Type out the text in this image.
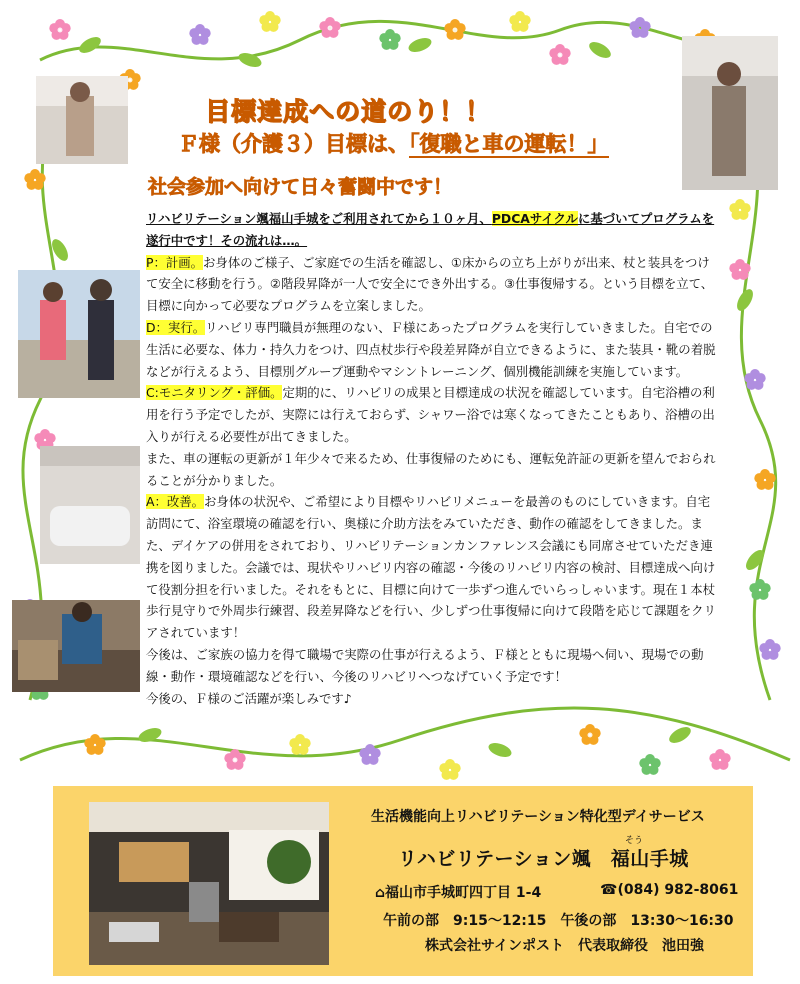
目標達成への道のり！！
Ｆ様（介護３）目標は、「復職と車の運転！」
社会参加へ向けて日々奮闘中です！

リハビリテーション颯福山手城をご利用されてから１０ヶ月、PDCAサイクルに基づいてプログラムを遂行中です！その流れは…。

P：計画。お身体のご様子、ご家庭での生活を確認し、①床からの立ち上がりが出来、杖と装具をつけて安全に移動を行う。②階段昇降が一人で安全にでき外出する。③仕事復帰する。という目標を立て、目標に向かって必要なプログラムを立案しました。

D：実行。リハビリ専門職員が無理のない、Ｆ様にあったプログラムを実行していきました。自宅での生活に必要な、体力・持久力をつけ、四点杖歩行や段差昇降が自立できるように、また装具・靴の着脱などが行えるよう、目標別グループ運動やマシントレーニング、個別機能訓練を実施しています。

C:モニタリング・評価。定期的に、リハビリの成果と目標達成の状況を確認しています。自宅浴槽の利用を行う予定でしたが、実際には行えておらず、シャワー浴では寒くなってきたこともあり、浴槽の出入りが行える必要性が出てきました。

また、車の運転の更新が１年少々で来るため、仕事復帰のためにも、運転免許証の更新を望んでおられることが分かりました。

A：改善。お身体の状況や、ご希望により目標やリハビリメニューを最善のものにしていきます。自宅訪問にて、浴室環境の確認を行い、奥様に介助方法をみていただき、動作の確認をしてきました。また、デイケアの併用をされており、リハビリテーションカンファレンス会議にも同席させていただき連携を図りました。会議では、現状やリハビリ内容の確認・今後のリハビリ内容の検討、目標達成へ向けて役割分担を行いました。それをもとに、目標に向けて一歩ずつ進んでいらっしゃいます。現在１本杖歩行見守りで外周歩行練習、段差昇降などを行い、少しずつ仕事復帰に向けて段階を応じて課題をクリアされています！

今後は、ご家族の協力を得て職場で実際の仕事が行えるよう、Ｆ様とともに現場へ伺い、現場での動線・動作・環境確認などを行い、今後のリハビリへつなげていく予定です！

今後の、Ｆ様のご活躍が楽しみです♪

生活機能向上リハビリテーション特化型デイサービス
そう
リハビリテーション颯　福山手城
⌂福山市手城町四丁目 1-4	☎(084) 982-8061
午前の部　9:15～12:15　午後の部　13:30～16:30
株式会社サインポスト　代表取締役　池田強
